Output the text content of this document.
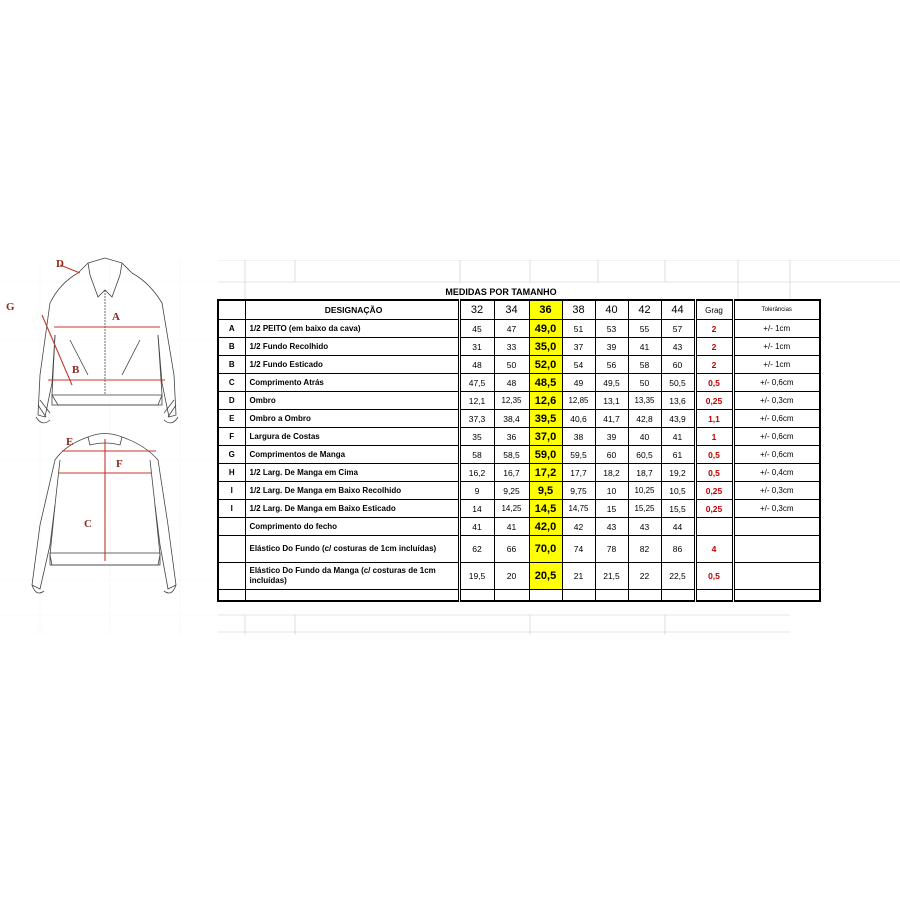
D
A
G
B
E
F
C
MEDIDAS POR TAMANHO
	DESIGNAÇÃO	32	34	36	38	40	42	44	Grag	Tolerâncias
A	1/2 PEITO (em baixo da cava)	45	47	49,0	51	53	55	57	2	+/- 1cm
B	1/2 Fundo Recolhido	31	33	35,0	37	39	41	43	2	+/- 1cm
B	1/2 Fundo Esticado	48	50	52,0	54	56	58	60	2	+/- 1cm
C	Comprimento Atrás	47,5	48	48,5	49	49,5	50	50,5	0,5	+/- 0,6cm
D	Ombro	12,1	12,35	12,6	12,85	13,1	13,35	13,6	0,25	+/- 0,3cm
E	Ombro a Ombro	37,3	38,4	39,5	40,6	41,7	42,8	43,9	1,1	+/- 0,6cm
F	Largura de Costas	35	36	37,0	38	39	40	41	1	+/- 0,6cm
G	Comprimentos de Manga	58	58,5	59,0	59,5	60	60,5	61	0,5	+/- 0,6cm
H	1/2 Larg. De Manga em Cima	16,2	16,7	17,2	17,7	18,2	18,7	19,2	0,5	+/- 0,4cm
I	1/2 Larg. De Manga em Baixo Recolhido	9	9,25	9,5	9,75	10	10,25	10,5	0,25	+/- 0,3cm
I	1/2 Larg. De Manga em Baixo Esticado	14	14,25	14,5	14,75	15	15,25	15,5	0,25	+/- 0,3cm
	Comprimento do fecho	41	41	42,0	42	43	43	44		
	Elástico Do Fundo (c/ costuras de 1cm incluídas)	62	66	70,0	74	78	82	86	4	
	Elástico Do Fundo da Manga (c/ costuras de 1cm incluídas)	19,5	20	20,5	21	21,5	22	22,5	0,5	
